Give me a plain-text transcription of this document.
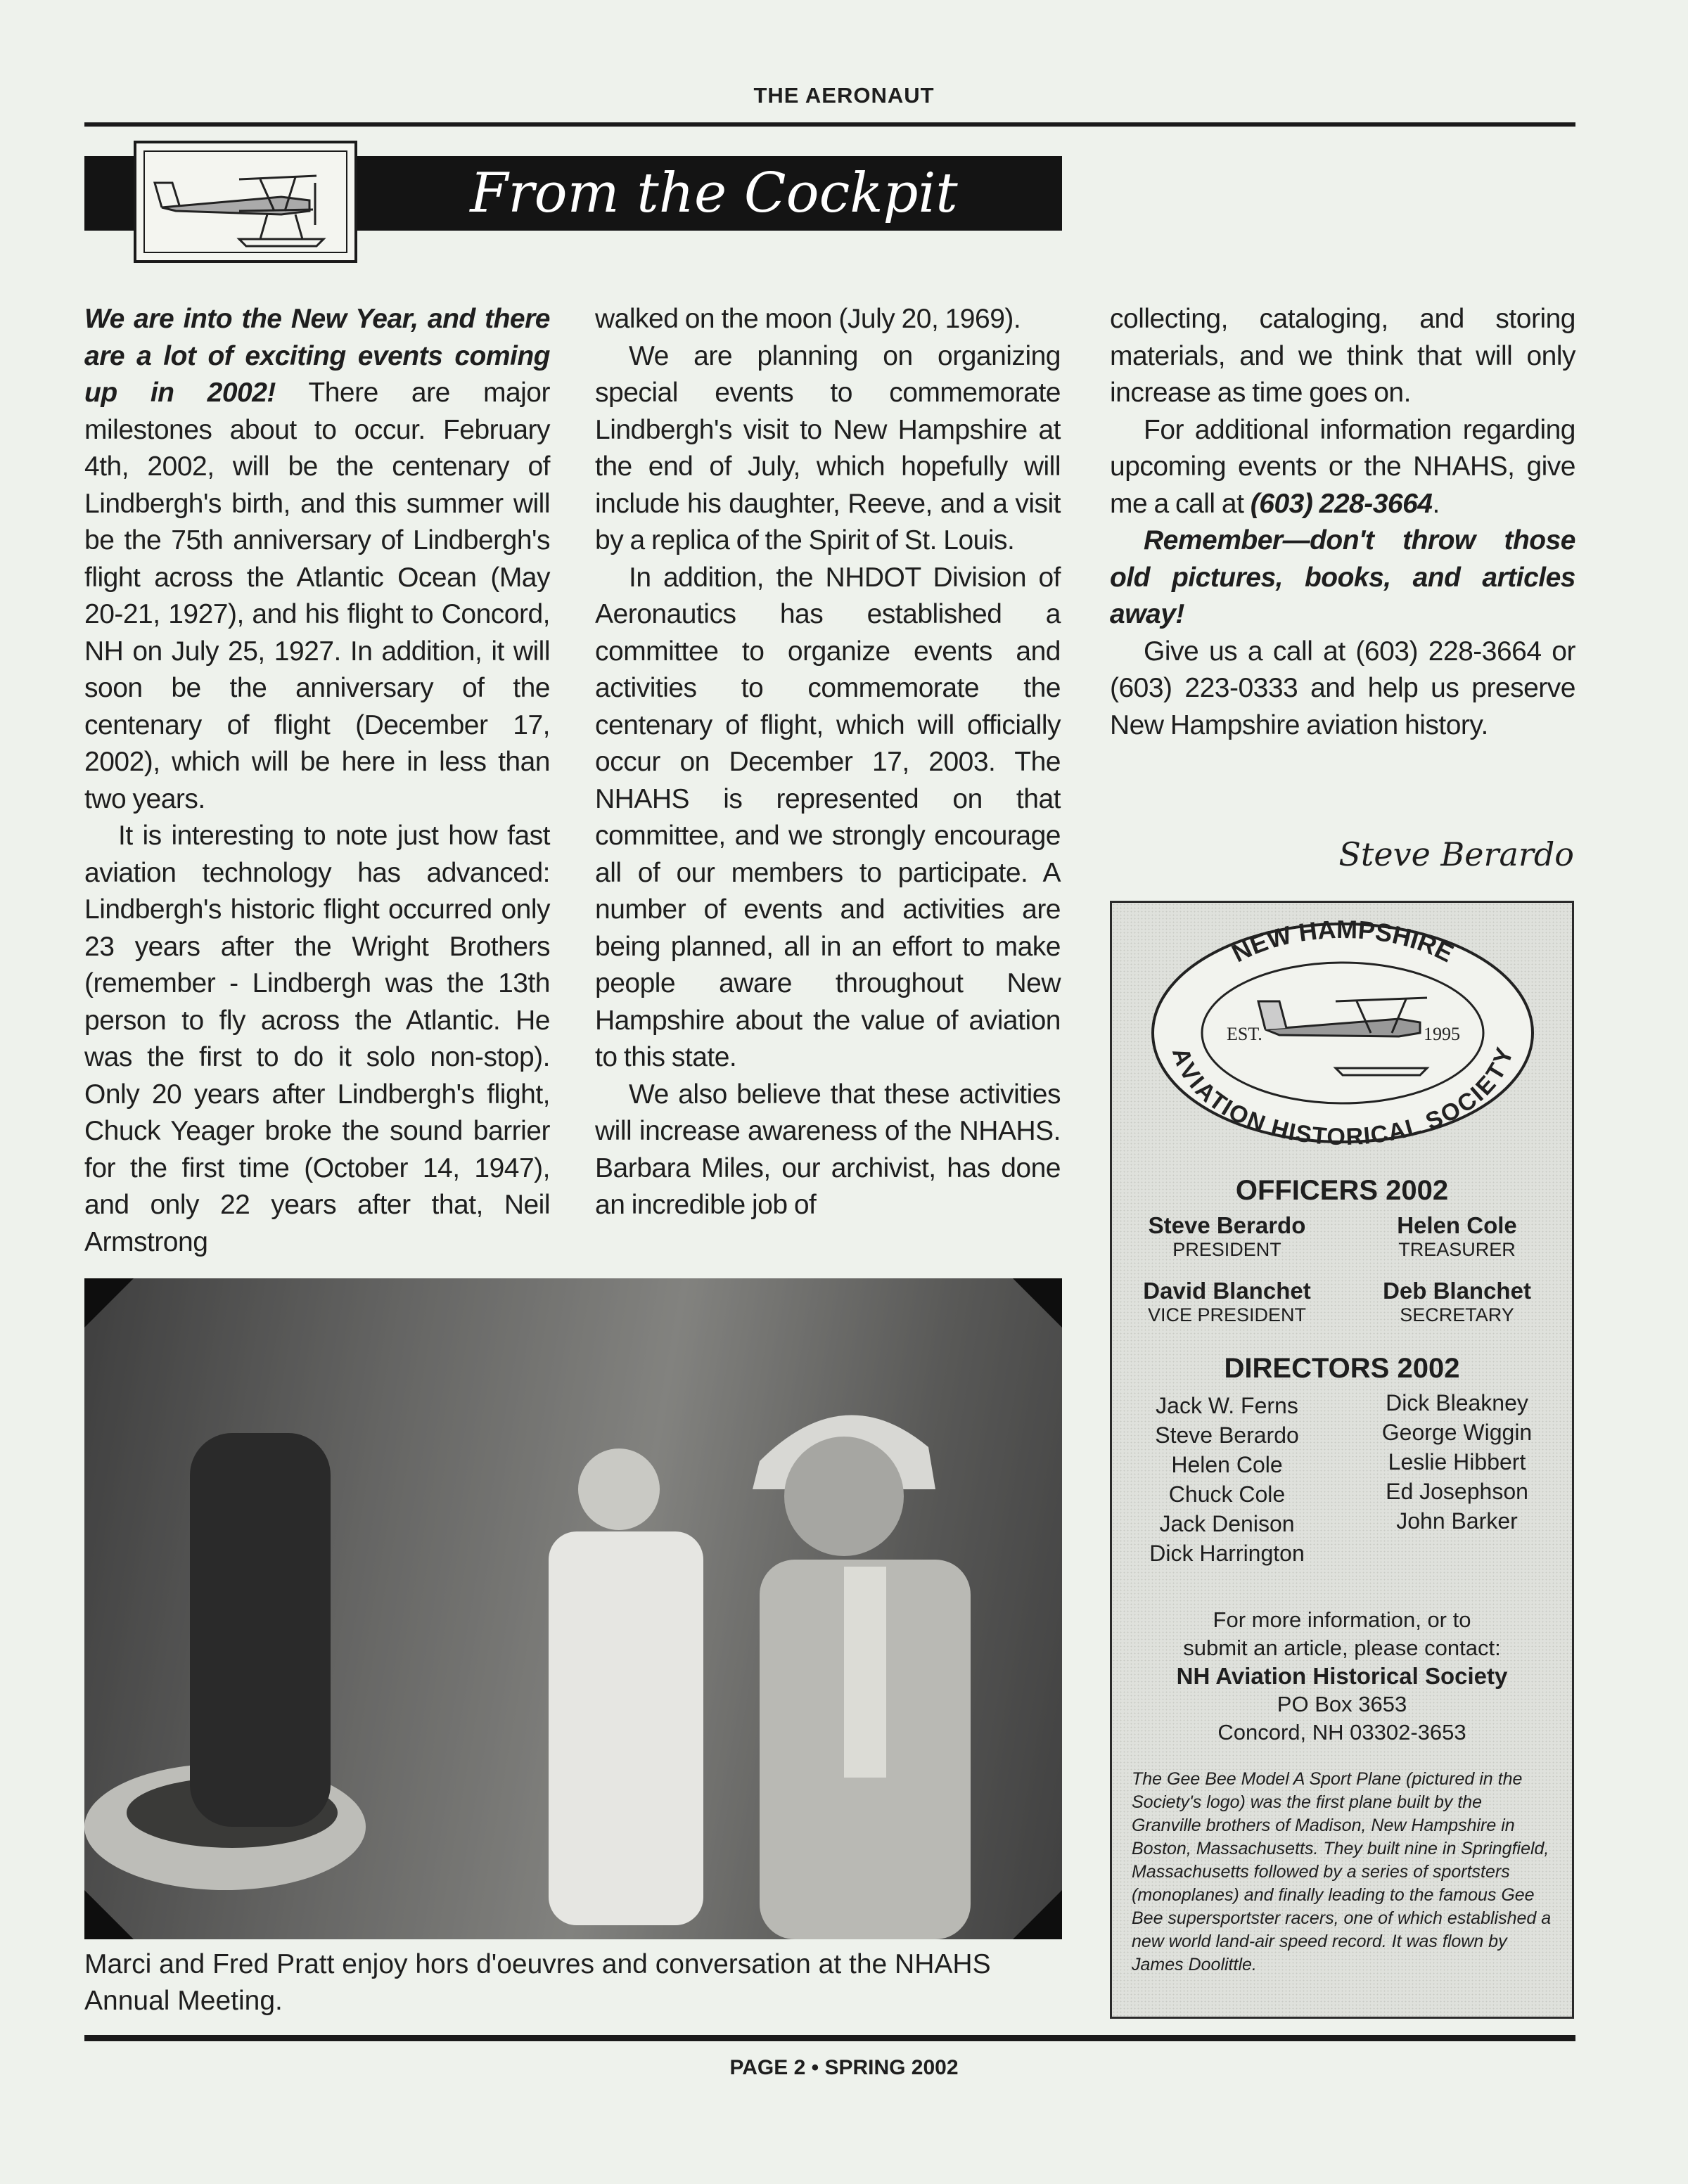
THE AERONAUT
From the Cockpit

We are into the New Year, and there are a lot of exciting events coming up in 2002! There are major milestones about to occur. February 4th, 2002, will be the centenary of Lindbergh's birth, and this summer will be the 75th anniversary of Lindbergh's flight across the Atlantic Ocean (May 20-21, 1927), and his flight to Concord, NH on July 25, 1927. In addition, it will soon be the anniversary of the centenary of flight (December 17, 2002), which will be here in less than two years.

It is interesting to note just how fast aviation technology has advanced: Lindbergh's historic flight occurred only 23 years after the Wright Brothers (remember - Lindbergh was the 13th person to fly across the Atlantic. He was the first to do it solo non-stop). Only 20 years after Lindbergh's flight, Chuck Yeager broke the sound barrier for the first time (October 14, 1947), and only 22 years after that, Neil Armstrong

walked on the moon (July 20, 1969).

We are planning on organizing special events to commemorate Lindbergh's visit to New Hampshire at the end of July, which hopefully will include his daughter, Reeve, and a visit by a replica of the Spirit of St. Louis.

In addition, the NHDOT Division of Aeronautics has established a committee to organize events and activities to commemorate the centenary of flight, which will officially occur on December 17, 2003. The NHAHS is represented on that committee, and we strongly encourage all of our members to participate. A number of events and activities are being planned, all in an effort to make people aware throughout New Hampshire about the value of aviation to this state.

We also believe that these activities will increase awareness of the NHAHS. Barbara Miles, our archivist, has done an incredible job of

collecting, cataloging, and storing materials, and we think that will only increase as time goes on.

For additional information regarding upcoming events or the NHAHS, give me a call at (603) 228-3664.

Remember—don't throw those old pictures, books, and articles away!

Give us a call at (603) 228-3664 or (603) 223-0333 and help us preserve New Hampshire aviation history.

Steve Berardo
Marci and Fred Pratt enjoy hors d'oeuvres and conversation at the NHAHS Annual Meeting.
NEW HAMPSHIRE
AVIATION HISTORICAL SOCIETY
EST.	1995
OFFICERS 2002
Steve Berardo
PRESIDENT
Helen Cole
TREASURER
David Blanchet
VICE PRESIDENT
Deb Blanchet
SECRETARY
DIRECTORS 2002
Jack W. Ferns
Steve Berardo
Helen Cole
Chuck Cole
Jack Denison
Dick Harrington
Dick Bleakney
George Wiggin
Leslie Hibbert
Ed Josephson
John Barker
For more information, or to
submit an article, please contact:
NH Aviation Historical Society
PO Box 3653
Concord, NH 03302-3653
The Gee Bee Model A Sport Plane (pictured in the Society's logo) was the first plane built by the Granville brothers of Madison, New Hampshire in Boston, Massachusetts. They built nine in Springfield, Massachusetts followed by a series of sportsters (monoplanes) and finally leading to the famous Gee Bee supersportster racers, one of which established a new world land-air speed record. It was flown by James Doolittle.
PAGE 2 • SPRING 2002
